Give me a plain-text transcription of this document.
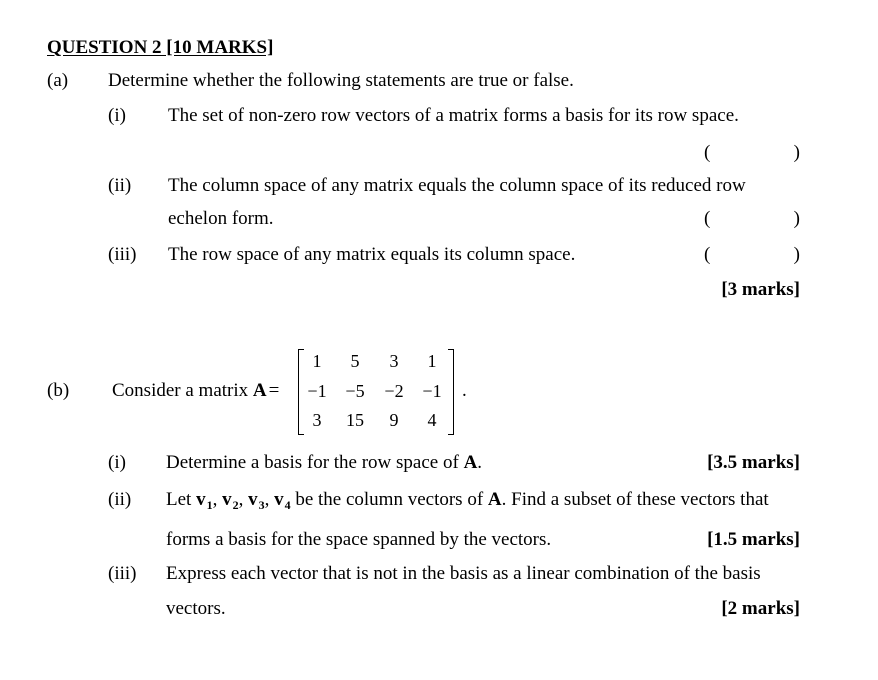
QUESTION 2 [10 MARKS]
(a) Determine whether the following statements are true or false.
(i) The set of non-zero row vectors of a matrix forms a basis for its row space.
(	)
(ii) The column space of any matrix equals the column space of its reduced row
echelon form.	(	)
(iii) The row space of any matrix equals its column space.	(	)
[3 marks]
(b) Consider a matrix A =
1	5	3	1
−1	−5	−2	−1
3	15	9	4
.
(i) Determine a basis for the row space of A.	[3.5 marks]
(ii) Let $v_1$, $v_2$, $v_3$, $v_4$ be the column vectors of A. Find a subset of these vectors that
forms a basis for the space spanned by the vectors.	[1.5 marks]
(iii) Express each vector that is not in the basis as a linear combination of the basis
vectors.	[2 marks]
